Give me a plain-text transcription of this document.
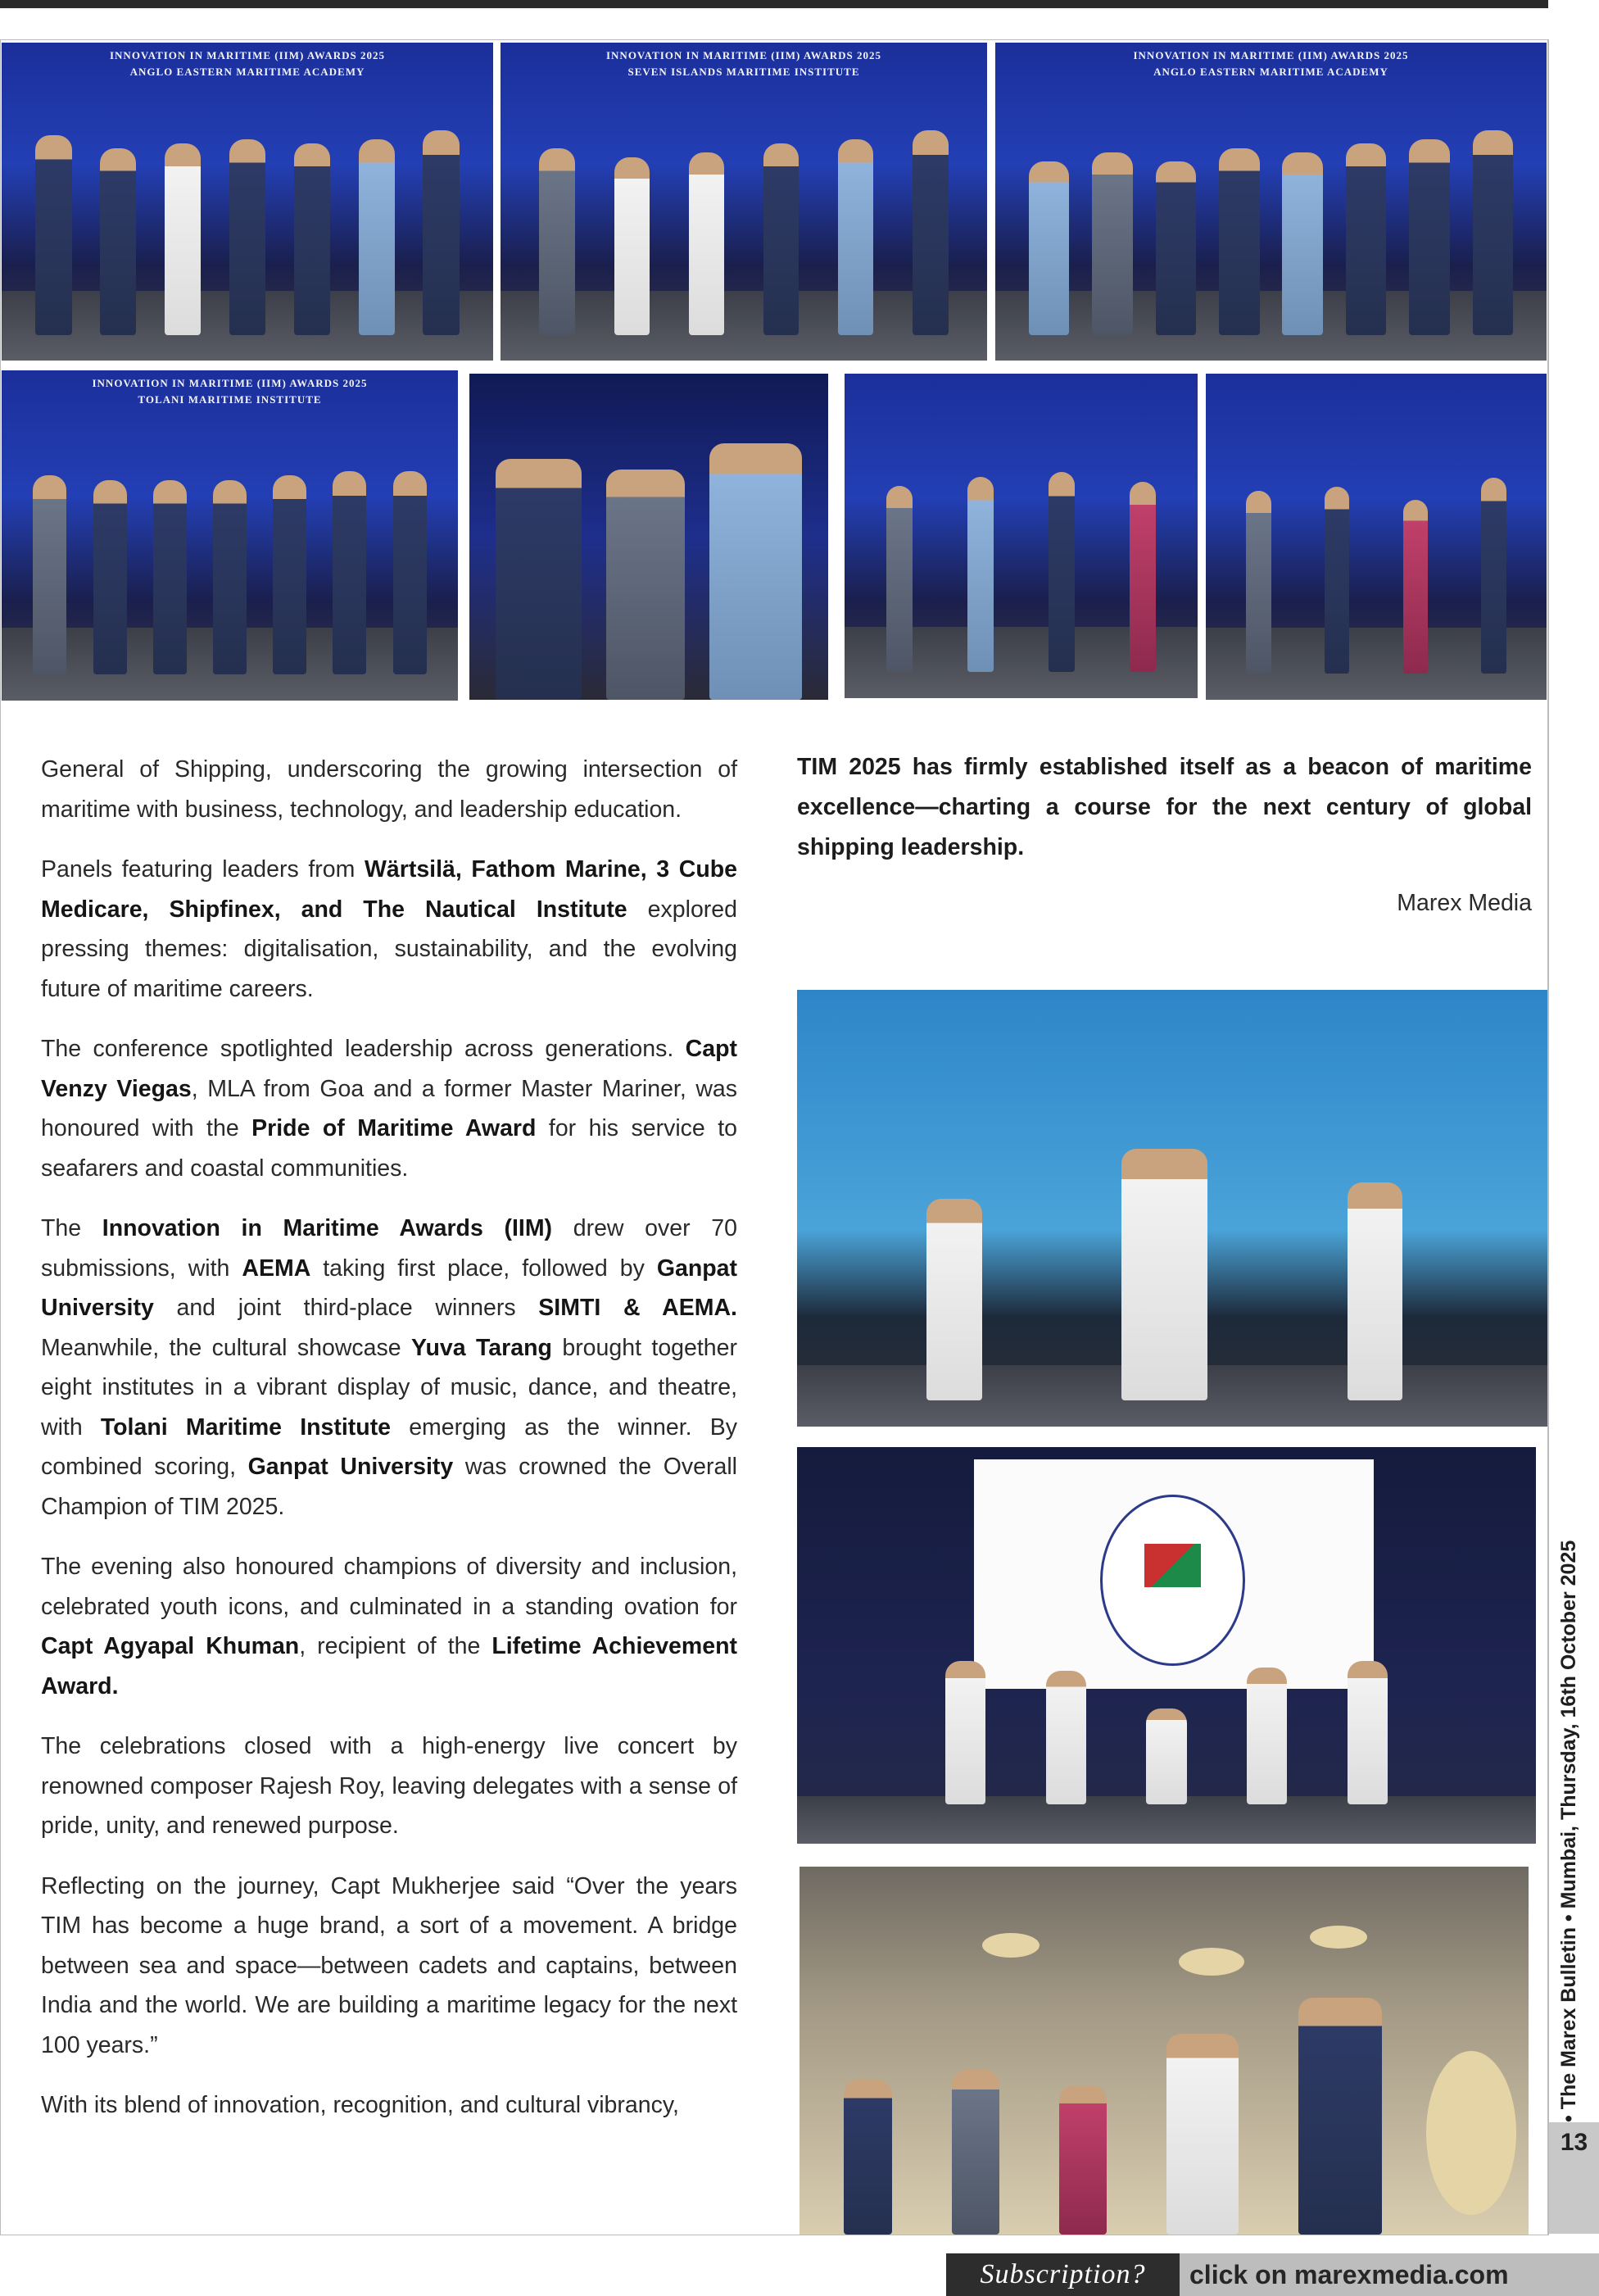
INNOVATION IN MARITIME (IIM) AWARDS 2025
ANGLO EASTERN MARITIME ACADEMY
INNOVATION IN MARITIME (IIM) AWARDS 2025
SEVEN ISLANDS MARITIME INSTITUTE
INNOVATION IN MARITIME (IIM) AWARDS 2025
ANGLO EASTERN MARITIME ACADEMY
INNOVATION IN MARITIME (IIM) AWARDS 2025
TOLANI MARITIME INSTITUTE

General of Shipping, underscoring the growing intersection of maritime with business, technology, and leadership education.

Panels featuring leaders from Wärtsilä, Fathom Marine, 3 Cube Medicare, Shipfinex, and The Nautical Institute explored pressing themes: digitalisation, sustainability, and the evolving future of maritime careers.

The conference spotlighted leadership across generations. Capt Venzy Viegas, MLA from Goa and a former Master Mariner, was honoured with the Pride of Maritime Award for his service to seafarers and coastal communities.

The Innovation in Maritime Awards (IIM) drew over 70 submissions, with AEMA taking first place, followed by Ganpat University and joint third-place winners SIMTI & AEMA. Meanwhile, the cultural showcase Yuva Tarang brought together eight institutes in a vibrant display of music, dance, and theatre, with Tolani Maritime Institute emerging as the winner. By combined scoring, Ganpat University was crowned the Overall Champion of TIM 2025.

The evening also honoured champions of diversity and inclusion, celebrated youth icons, and culminated in a standing ovation for Capt Agyapal Khuman, recipient of the Lifetime Achievement Award.

The celebrations closed with a high-energy live concert by renowned composer Rajesh Roy, leaving delegates with a sense of pride, unity, and renewed purpose.

Reflecting on the journey, Capt Mukherjee said “Over the years TIM has become a huge brand, a sort of a movement. A bridge between sea and space—between cadets and captains, between India and the world. We are building a maritime legacy for the next 100 years.”

With its blend of innovation, recognition, and cultural vibrancy,

TIM 2025 has firmly established itself as a beacon of maritime excellence—charting a course for the next century of global shipping leadership.
Marex Media
• The Marex Bulletin • Mumbai, Thursday, 16th October 2025
13
Subscription?	click on marexmedia.com
